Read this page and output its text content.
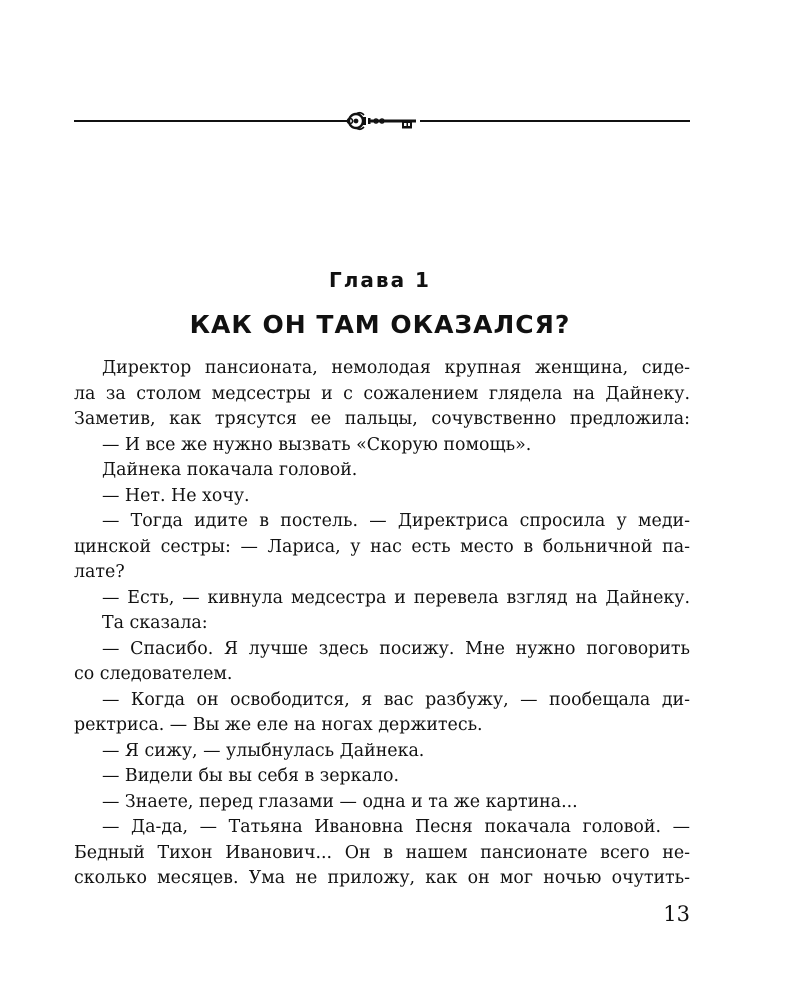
Глава 1
КАК ОН ТАМ ОКАЗАЛСЯ?
Директор пансионата, немолодая крупная женщина, сиде-
ла за столом медсестры и с сожалением глядела на Дайнеку.
Заметив, как трясутся ее пальцы, сочувственно предложила:
— И все же нужно вызвать «Скорую помощь».
Дайнека покачала головой.
— Нет. Не хочу.
— Тогда идите в постель. — Директриса спросила у меди-
цинской сестры: — Лариса, у нас есть место в больничной па-
лате?
— Есть, — кивнула медсестра и перевела взгляд на Дайнеку.
Та сказала:
— Спасибо. Я лучше здесь посижу. Мне нужно поговорить
со следователем.
— Когда он освободится, я вас разбужу, — пообещала ди-
ректриса. — Вы же еле на ногах держитесь.
— Я сижу, — улыбнулась Дайнека.
— Видели бы вы себя в зеркало.
— Знаете, перед глазами — одна и та же картина...
— Да-да, — Татьяна Ивановна Песня покачала головой. —
Бедный Тихон Иванович... Он в нашем пансионате всего не-
сколько месяцев. Ума не приложу, как он мог ночью очутить-
13
